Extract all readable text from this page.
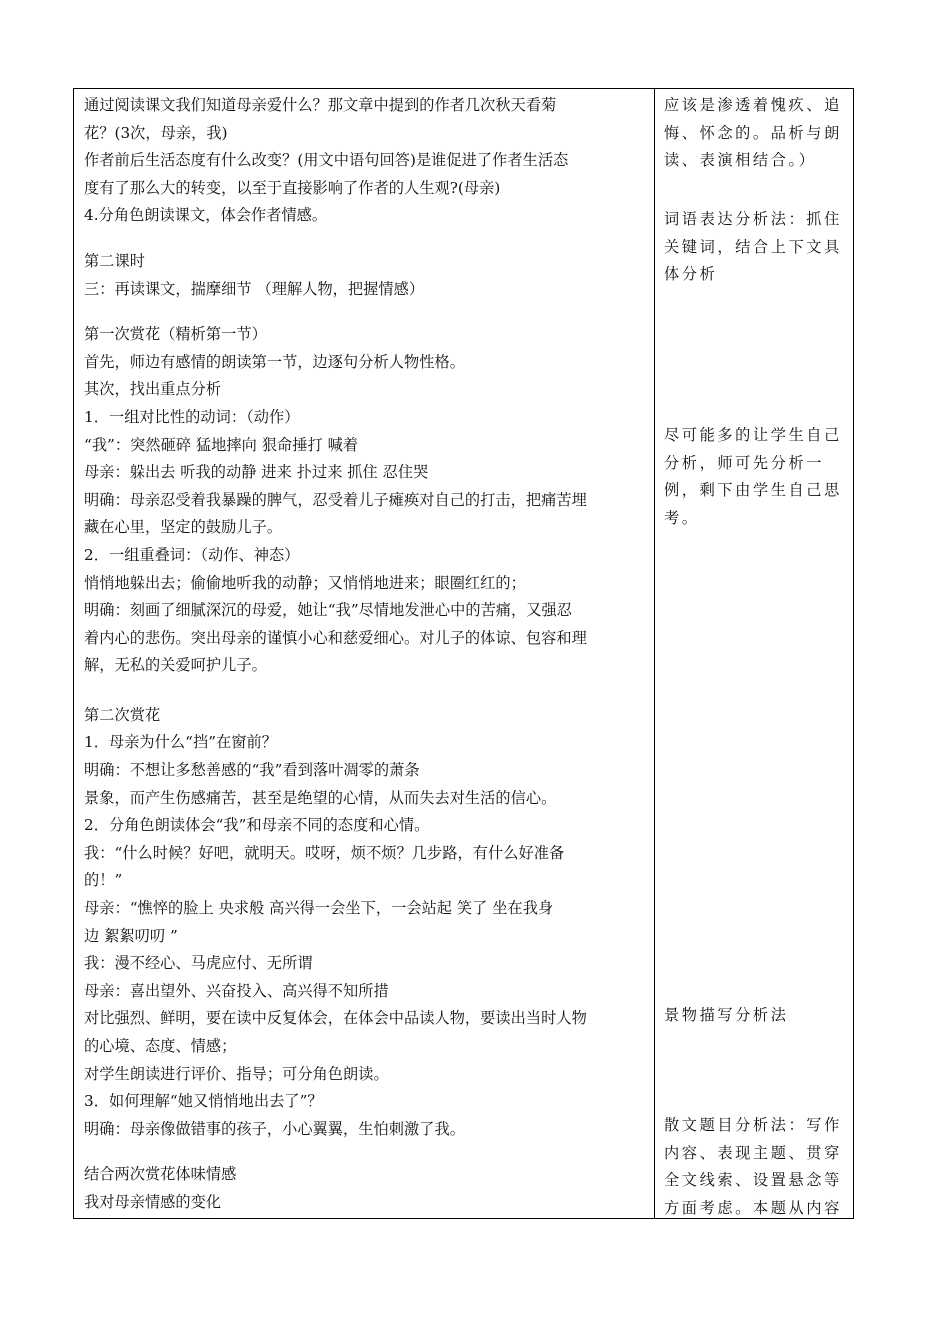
通过阅读课文我们知道母亲爱什么？那文章中提到的作者几次秋天看菊
花？(3次，母亲，我)
作者前后生活态度有什么改变？(用文中语句回答)是谁促进了作者生活态
度有了那么大的转变，以至于直接影响了作者的人生观?(母亲)
4.分角色朗读课文，体会作者情感。
第二课时
三：再读课文，揣摩细节 （理解人物，把握情感）
第一次赏花（精析第一节）
首先，师边有感情的朗读第一节，边逐句分析人物性格。
其次，找出重点分析
1．一组对比性的动词：（动作）
“我”：突然砸碎 猛地摔向 狠命捶打 喊着
母亲：躲出去 听我的动静 进来 扑过来 抓住 忍住哭
明确：母亲忍受着我暴躁的脾气，忍受着儿子瘫痪对自己的打击，把痛苦埋
藏在心里，坚定的鼓励儿子。
2．一组重叠词：（动作、神态）
悄悄地躲出去；偷偷地听我的动静；又悄悄地进来；眼圈红红的；
明确：刻画了细腻深沉的母爱，她让“我”尽情地发泄心中的苦痛，又强忍
着内心的悲伤。突出母亲的谨慎小心和慈爱细心。对儿子的体谅、包容和理
解，无私的关爱呵护儿子。
第二次赏花
1．母亲为什么“挡”在窗前？
明确：不想让多愁善感的“我”看到落叶凋零的萧条
景象，而产生伤感痛苦，甚至是绝望的心情，从而失去对生活的信心。
2．分角色朗读体会“我”和母亲不同的态度和心情。
我：“什么时候？好吧，就明天。哎呀，烦不烦？几步路，有什么好准备
的！”
母亲：“憔悴的脸上 央求般 高兴得一会坐下，一会站起 笑了 坐在我身
边 絮絮叨叨 ”
我：漫不经心、马虎应付、无所谓
母亲：喜出望外、兴奋投入、高兴得不知所措
对比强烈、鲜明，要在读中反复体会，在体会中品读人物，要读出当时人物
的心境、态度、情感；
对学生朗读进行评价、指导；可分角色朗读。
3．如何理解“她又悄悄地出去了”？
明确：母亲像做错事的孩子，小心翼翼，生怕刺激了我。
结合两次赏花体味情感
我对母亲情感的变化
应该是渗透着愧疚、追悔、怀念的。品析与朗读、表演相结合。）
词语表达分析法：抓住关键词，结合上下文具体分析
尽可能多的让学生自己分析，师可先分析一例，剩下由学生自己思考。
景物描写分析法
散文题目分析法：写作内容、表现主题、贯穿全文线索、设置悬念等方面考虑。本题从内容
